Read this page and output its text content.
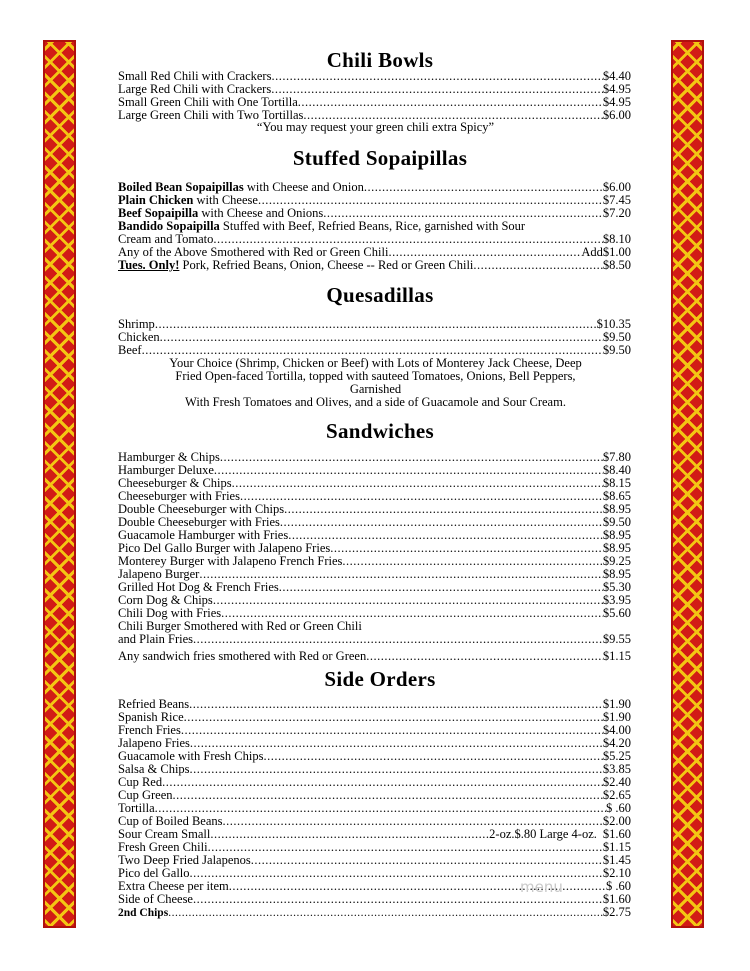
Chili Bowls
Small Red Chili with Crackers .....	$4.40
Large Red Chili with Crackers .....	$4.95
Small Green Chili with One Tortilla .....	$4.95
Large Green Chili with Two Tortillas .....	$6.00
“You may request your green chili extra Spicy”
Stuffed Sopaipillas
Boiled Bean Sopaipillas with Cheese and Onion .....	$6.00
Plain Chicken with Cheese .....	$7.45
Beef Sopaipilla with Cheese and Onions .....	$7.20
Bandido Sopaipilla Stuffed with Beef, Refried Beans, Rice, garnished with Sour
Cream and Tomato .....	$8.10
Any of the Above Smothered with Red or Green Chili .....	Add $1.00
Tues. Only! Pork, Refried Beans, Onion, Cheese -- Red or Green Chili .....	$8.50
Quesadillas
Shrimp .....	$10.35
Chicken .....	$9.50
Beef .....	$9.50
Your Choice (Shrimp, Chicken or Beef) with Lots of Monterey Jack Cheese, Deep
Fried Open-faced Tortilla, topped with sauteed Tomatoes, Onions, Bell Peppers,
Garnished
With Fresh Tomatoes and Olives, and a side of Guacamole and Sour Cream.
Sandwiches
Hamburger & Chips .....	$7.80
Hamburger Deluxe .....	$8.40
Cheeseburger & Chips .....	$8.15
Cheeseburger with Fries .....	$8.65
Double Cheeseburger with Chips .....	$8.95
Double Cheeseburger with Fries .....	$9.50
Guacamole Hamburger with Fries .....	$8.95
Pico Del Gallo Burger with Jalapeno Fries .....	$8.95
Monterey Burger with Jalapeno French Fries .....	$9.25
Jalapeno Burger .....	$8.95
Grilled Hot Dog & French Fries .....	$5.30
Corn Dog & Chips .....	$3.95
Chili Dog with Fries .....	$5.60
Chili Burger Smothered with Red or Green Chili
and Plain Fries .....	$9.55
Any sandwich fries smothered with Red or Green .....	$1.15
Side Orders
Refried Beans .....	$1.90
Spanish Rice .....	$1.90
French Fries .....	$4.00
Jalapeno Fries .....	$4.20
Guacamole with Fresh Chips .....	$5.25
Salsa & Chips .....	$3.85
Cup Red .....	$2.40
Cup Green .....	$2.65
Tortilla .....	$ .60
Cup of Boiled Beans .....	$2.00
Sour Cream Small .....	2-oz.$.80 Large 4-oz. $1.60
Fresh Green Chili .....	$1.15
Two Deep Fried Jalapenos .....	$1.45
Pico del Gallo .....	$2.10
Extra Cheese per item .....	$ .60
Side of Cheese .....	$1.60
2nd Chips .....	$2.75
menu
